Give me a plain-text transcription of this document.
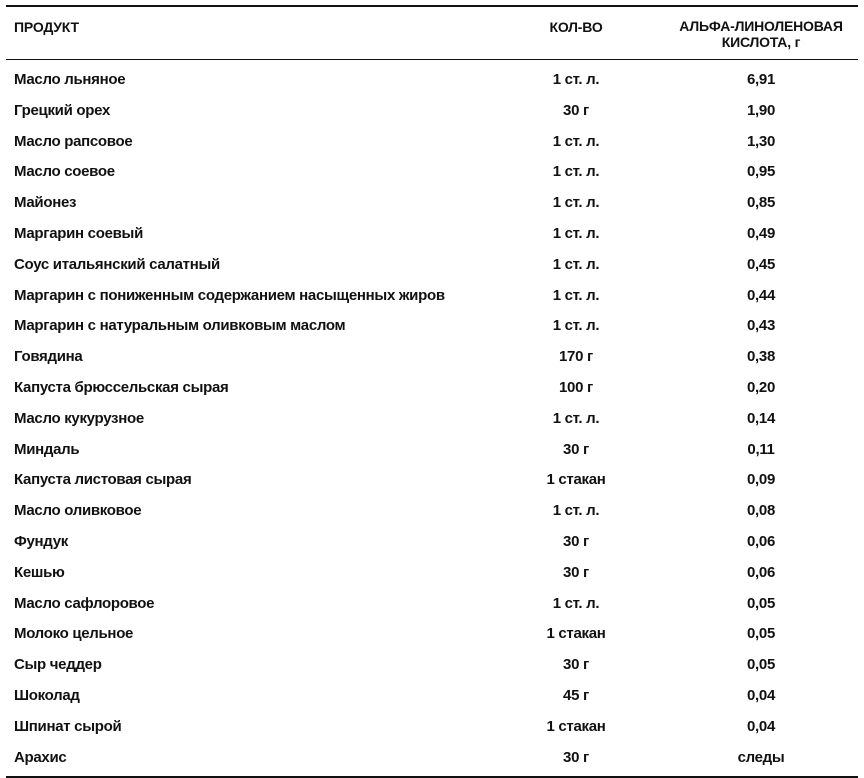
ПРОДУКТ	КОЛ-ВО	АЛЬФА-ЛИНОЛЕНОВАЯ
КИСЛОТА, г
Масло льняное	1 ст. л.	6,91
Грецкий орех	30 г	1,90
Масло рапсовое	1 ст. л.	1,30
Масло соевое	1 ст. л.	0,95
Майонез	1 ст. л.	0,85
Маргарин соевый	1 ст. л.	0,49
Соус итальянский салатный	1 ст. л.	0,45
Маргарин с пониженным содержанием насыщенных жиров	1 ст. л.	0,44
Маргарин с натуральным оливковым маслом	1 ст. л.	0,43
Говядина	170 г	0,38
Капуста брюссельская сырая	100 г	0,20
Масло кукурузное	1 ст. л.	0,14
Миндаль	30 г	0,11
Капуста листовая сырая	1 стакан	0,09
Масло оливковое	1 ст. л.	0,08
Фундук	30 г	0,06
Кешью	30 г	0,06
Масло сафлоровое	1 ст. л.	0,05
Молоко цельное	1 стакан	0,05
Сыр чеддер	30 г	0,05
Шоколад	45 г	0,04
Шпинат сырой	1 стакан	0,04
Арахис	30 г	следы
